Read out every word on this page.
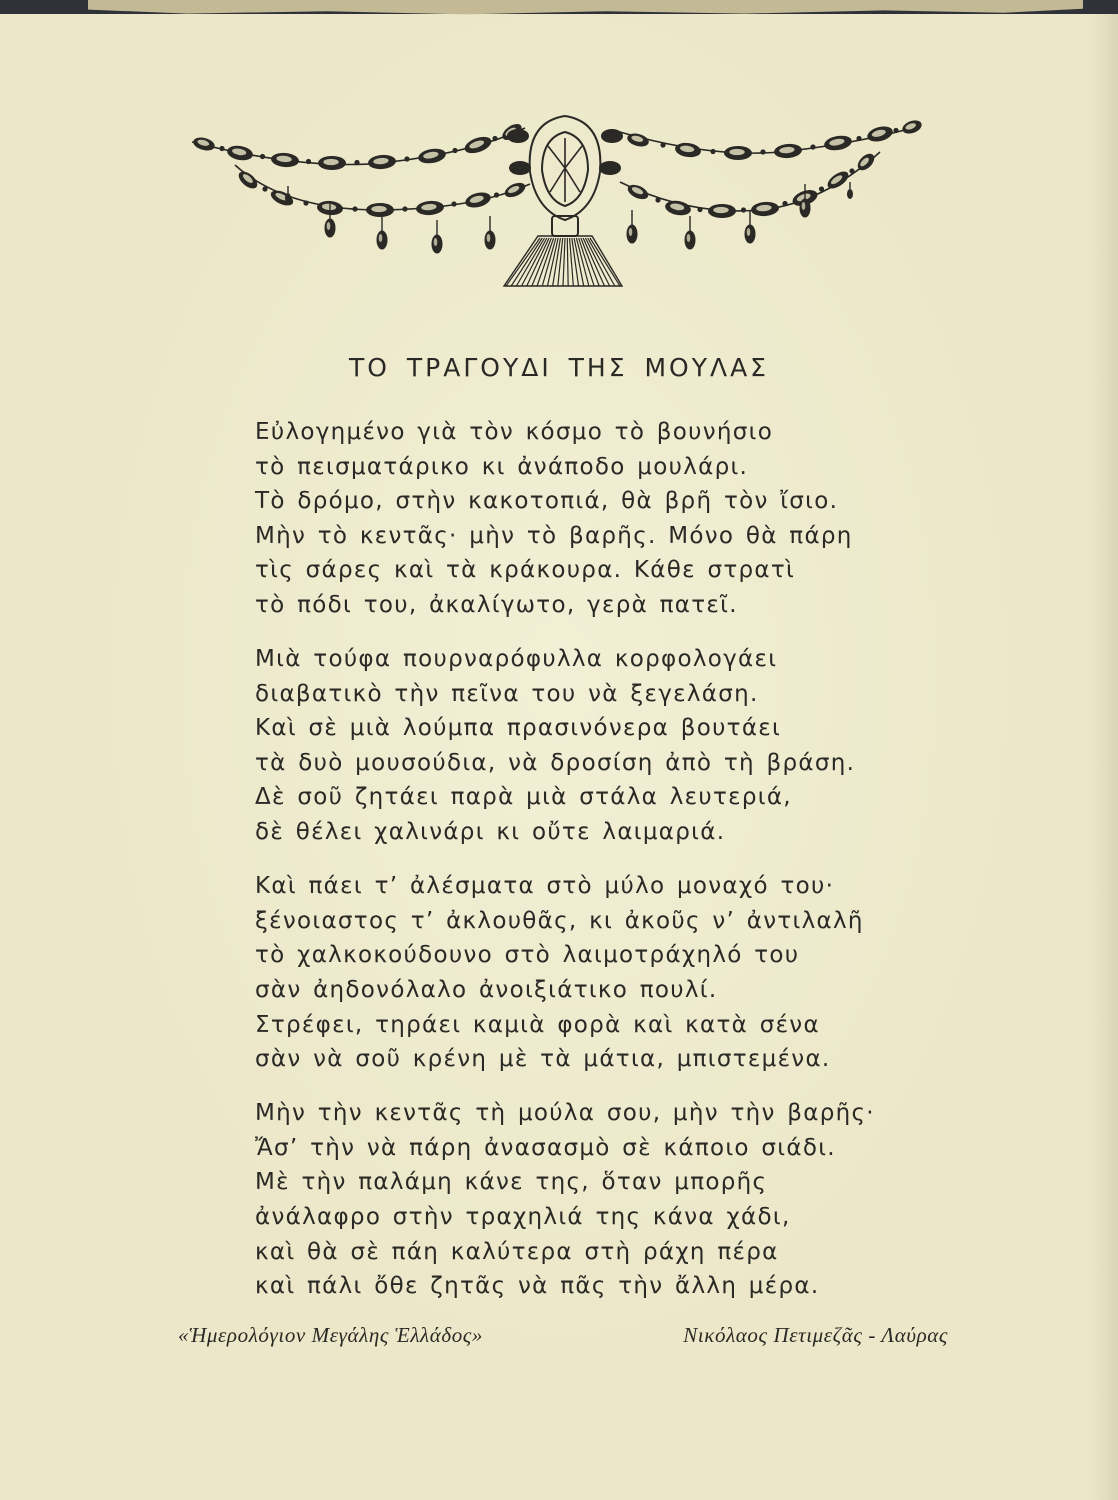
ΤΟ ΤΡΑΓΟΥΔΙ ΤΗΣ ΜΟΥΛΑΣ
Εὐλογημένο γιὰ τὸν κόσμο τὸ βουνήσιο
τὸ πεισματάρικο κι ἀνάποδο μουλάρι.
Τὸ δρόμο, στὴν κακοτοπιά, θὰ βρῆ τὸν ἴσιο.
Μὴν τὸ κεντᾶς· μὴν τὸ βαρῆς. Μόνο θὰ πάρη
τὶς σάρες καὶ τὰ κράκουρα. Κάθε στρατὶ
τὸ πόδι του, ἀκαλίγωτο, γερὰ πατεῖ.
Μιὰ τούφα πουρναρόφυλλα κορφολογάει
διαβατικὸ τὴν πεῖνα του νὰ ξεγελάση.
Καὶ σὲ μιὰ λούμπα πρασινόνερα βουτάει
τὰ δυὸ μουσούδια, νὰ δροσίση ἀπὸ τὴ βράση.
Δὲ σοῦ ζητάει παρὰ μιὰ στάλα λευτεριά,
δὲ θέλει χαλινάρι κι οὔτε λαιμαριά.
Καὶ πάει τ’ ἀλέσματα στὸ μύλο μοναχό του·
ξένοιαστος τ’ ἀκλουθᾶς, κι ἀκοῦς ν’ ἀντιλαλῆ
τὸ χαλκοκούδουνο στὸ λαιμοτράχηλό του
σὰν ἀηδονόλαλο ἀνοιξιάτικο πουλί.
Στρέφει, τηράει καμιὰ φορὰ καὶ κατὰ σένα
σὰν νὰ σοῦ κρένη μὲ τὰ μάτια, μπιστεμένα.
Μὴν τὴν κεντᾶς τὴ μούλα σου, μὴν τὴν βαρῆς·
Ἄσ’ τὴν νὰ πάρη ἀνασασμὸ σὲ κάποιο σιάδι.
Μὲ τὴν παλάμη κάνε της, ὅταν μπορῆς
ἀνάλαφρο στὴν τραχηλιά της κάνα χάδι,
καὶ θὰ σὲ πάη καλύτερα στὴ ράχη πέρα
καὶ πάλι ὄθε ζητᾶς νὰ πᾶς τὴν ἄλλη μέρα.
«Ἡμερολόγιον Μεγάλης Ἑλλάδος»	Νικόλαος Πετιμεζᾶς - Λαύρας
